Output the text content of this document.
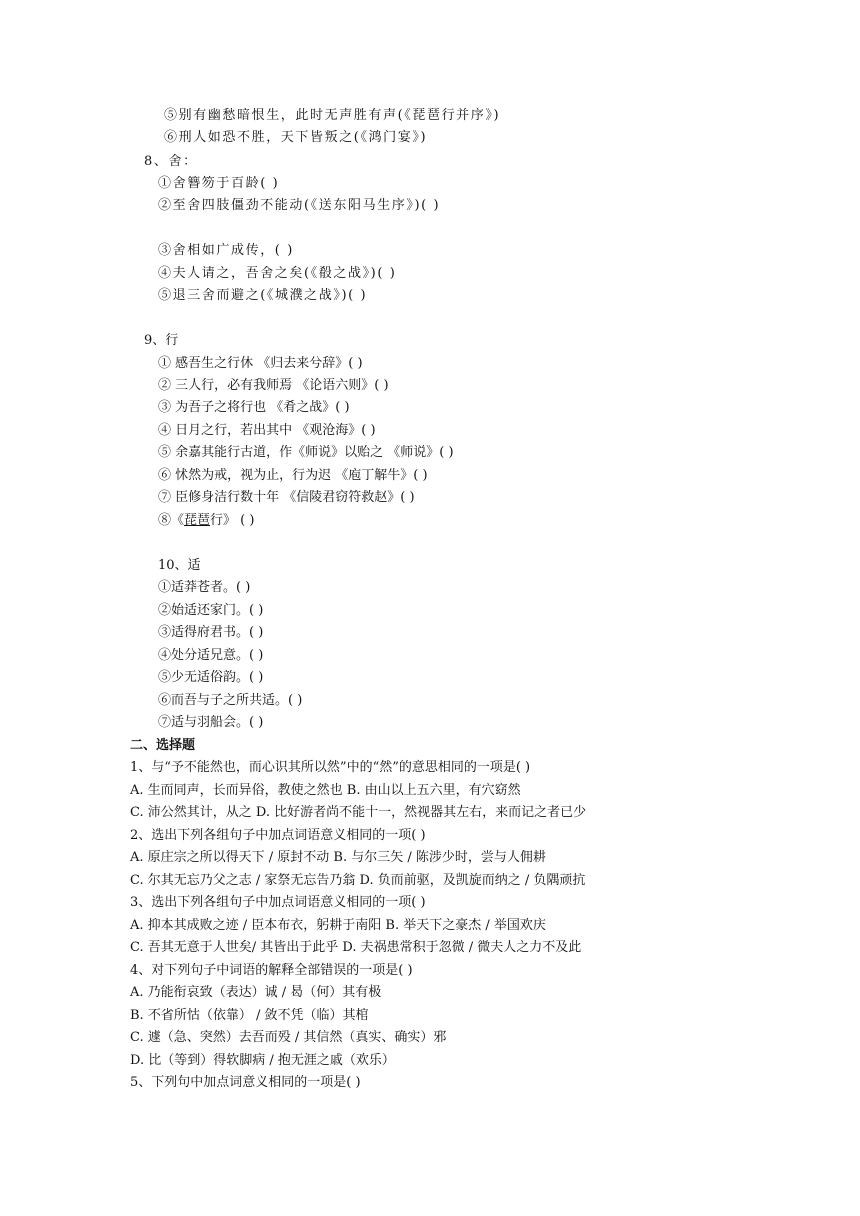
⑤别有幽愁暗恨生，此时无声胜有声(《琵琶行并序》)
⑥刑人如恐不胜，天下皆叛之(《鸿门宴》)
8、舍：
①舍簪笏于百龄( )
②至舍四肢僵劲不能动(《送东阳马生序》)( )
③舍相如广成传，( )
④夫人请之，吾舍之矣(《殽之战》)( )
⑤退三舍而避之(《城濮之战》)( )
9、行
① 感吾生之行休 《归去来兮辞》( )
② 三人行，必有我师焉 《论语六则》( )
③ 为吾子之将行也 《肴之战》( )
④ 日月之行，若出其中 《观沧海》( )
⑤ 余嘉其能行古道，作《师说》以贻之 《师说》( )
⑥ 怵然为戒，视为止，行为迟 《庖丁解牛》( )
⑦ 臣修身洁行数十年 《信陵君窃符救赵》( )
⑧《琵琶行》 ( )
10、适
①适莽苍者。( )
②始适还家门。( )
③适得府君书。( )
④处分适兄意。( )
⑤少无适俗韵。( )
⑥而吾与子之所共适。( )
⑦适与羽船会。( )
二、选择题
1、与“予不能然也，而心识其所以然”中的“然”的意思相同的一项是( )
A. 生而同声，长而异俗，教使之然也 B. 由山以上五六里，有穴窈然
C. 沛公然其计，从之 D. 比好游者尚不能十一，然视器其左右，来而记之者已少
2、选出下列各组句子中加点词语意义相同的一项( )
A. 原庄宗之所以得天下 / 原封不动 B. 与尔三矢 / 陈涉少时，尝与人佣耕
C. 尔其无忘乃父之志 / 家祭无忘告乃翁 D. 负而前驱，及凯旋而纳之 / 负隅顽抗
3、选出下列各组句子中加点词语意义相同的一项( )
A. 抑本其成败之迹 / 臣本布衣，躬耕于南阳 B. 举天下之豪杰 / 举国欢庆
C. 吾其无意于人世矣/ 其皆出于此乎 D. 夫祸患常积于忽微 / 微夫人之力不及此
4、对下列句子中词语的解释全部错误的一项是( )
A. 乃能衔哀致（表达）诚 / 曷（何）其有极
B. 不省所怙（依靠） / 敛不凭（临）其棺
C. 遽（急、突然）去吾而殁 / 其信然（真实、确实）邪
D. 比（等到）得软脚病 / 抱无涯之戚（欢乐）
5、下列句中加点词意义相同的一项是( )
